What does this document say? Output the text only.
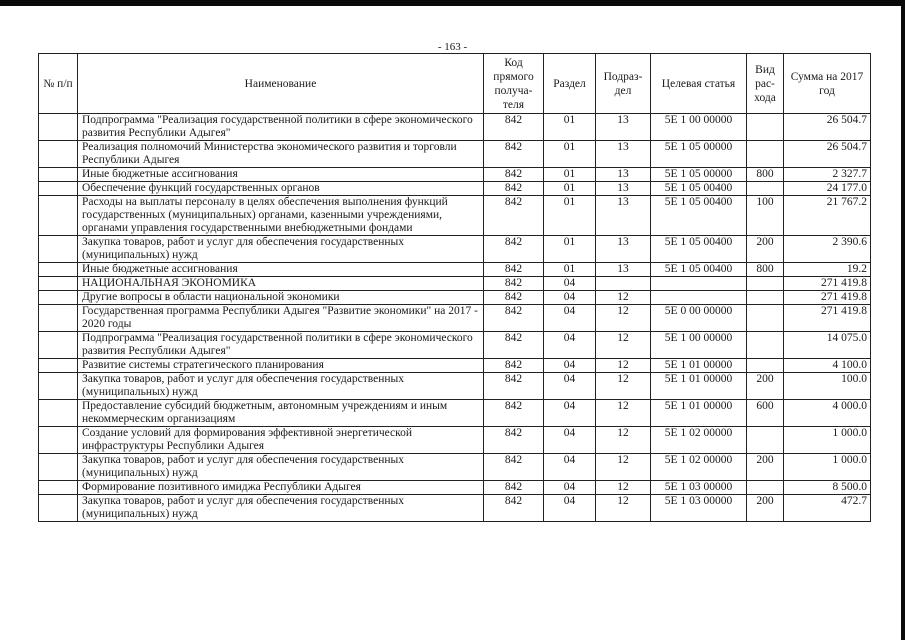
- 163 -
№ п/п	Наименование	Код прямого получа-теля	Раздел	Подраз-дел	Целевая статья	Вид рас-хода	Сумма на 2017 год
	Подпрограмма "Реализация государственной политики в сфере экономического развития Республики Адыгея"	842	01	13	5Е 1 00 00000		26 504.7
	Реализация полномочий Министерства экономического развития и торговли Республики Адыгея	842	01	13	5Е 1 05 00000		26 504.7
	Иные бюджетные ассигнования	842	01	13	5Е 1 05 00000	800	2 327.7
	Обеспечение функций государственных органов	842	01	13	5Е 1 05 00400		24 177.0
	Расходы на выплаты персоналу в целях обеспечения выполнения функций государственных (муниципальных) органами, казенными учреждениями, органами управления государственными внебюджетными фондами	842	01	13	5Е 1 05 00400	100	21 767.2
	Закупка товаров, работ и услуг для обеспечения государственных (муниципальных) нужд	842	01	13	5Е 1 05 00400	200	2 390.6
	Иные бюджетные ассигнования	842	01	13	5Е 1 05 00400	800	19.2
	НАЦИОНАЛЬНАЯ ЭКОНОМИКА	842	04				271 419.8
	Другие вопросы в области национальной экономики	842	04	12			271 419.8
	Государственная программа Республики Адыгея "Развитие экономики" на 2017 - 2020 годы	842	04	12	5Е 0 00 00000		271 419.8
	Подпрограмма "Реализация государственной политики в сфере экономического развития Республики Адыгея"	842	04	12	5Е 1 00 00000		14 075.0
	Развитие системы стратегического планирования	842	04	12	5Е 1 01 00000		4 100.0
	Закупка товаров, работ и услуг для обеспечения государственных (муниципальных) нужд	842	04	12	5Е 1 01 00000	200	100.0
	Предоставление субсидий бюджетным, автономным учреждениям и иным некоммерческим организациям	842	04	12	5Е 1 01 00000	600	4 000.0
	Создание условий для формирования эффективной энергетической инфраструктуры Республики Адыгея	842	04	12	5Е 1 02 00000		1 000.0
	Закупка товаров, работ и услуг для обеспечения государственных (муниципальных) нужд	842	04	12	5Е 1 02 00000	200	1 000.0
	Формирование позитивного имиджа Республики Адыгея	842	04	12	5Е 1 03 00000		8 500.0
	Закупка товаров, работ и услуг для обеспечения государственных (муниципальных) нужд	842	04	12	5Е 1 03 00000	200	472.7
